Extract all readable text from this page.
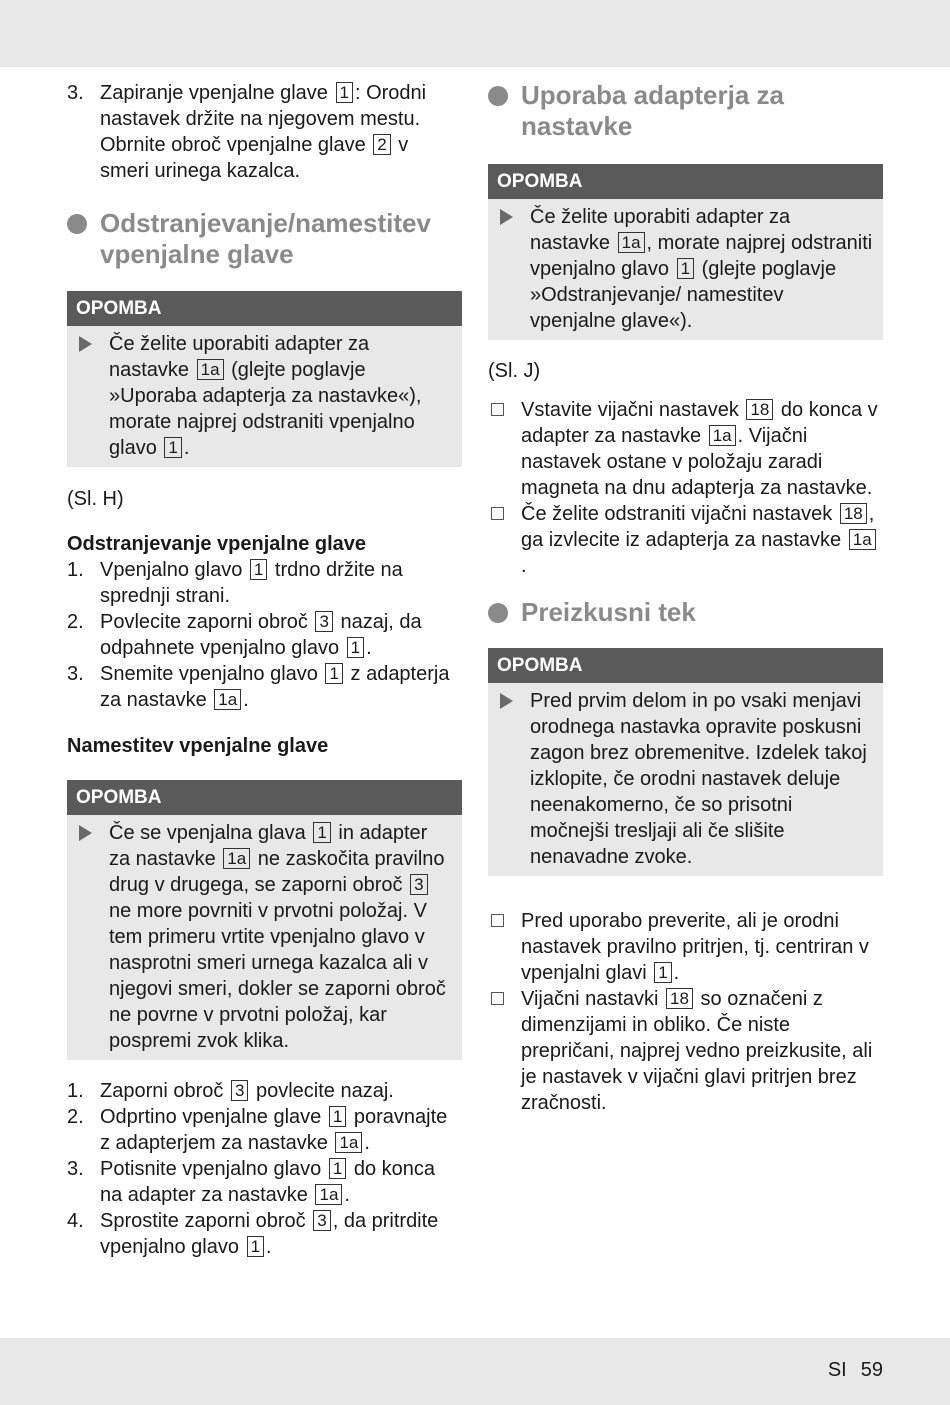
3. Zapiranje vpenjalne glave 1 : Orodni nastavek držite na njegovem mestu. Obrnite obroč vpenjalne glave 2 v smeri urinega kazalca.
Odstranjevanje/namestitev vpenjalne glave
OPOMBA
Če želite uporabiti adapter za nastavke 1a (glejte poglavje »Uporaba adapterja za nastavke«), morate najprej odstraniti vpenjalno glavo 1 .
(Sl. H)
Odstranjevanje vpenjalne glave
1. Vpenjalno glavo 1 trdno držite na sprednji strani.
2. Povlecite zaporni obroč 3 nazaj, da odpahnete vpenjalno glavo 1 .
3. Snemite vpenjalno glavo 1 z adapterja za nastavke 1a .
Namestitev vpenjalne glave
OPOMBA
Če se vpenjalna glava 1 in adapter za nastavke 1a ne zaskočita pravilno drug v drugega, se zaporni obroč 3 ne more povrniti v prvotni položaj. V tem primeru vrtite vpenjalno glavo v nasprotni smeri urnega kazalca ali v njegovi smeri, dokler se zaporni obroč ne povrne v prvotni položaj, kar pospremi zvok klika.
1. Zaporni obroč 3 povlecite nazaj.
2. Odprtino vpenjalne glave 1 poravnajte z adapterjem za nastavke 1a .
3. Potisnite vpenjalno glavo 1 do konca na adapter za nastavke 1a .
4. Sprostite zaporni obroč 3 , da pritrdite vpenjalno glavo 1 .
Uporaba adapterja za nastavke
OPOMBA
Če želite uporabiti adapter za nastavke 1a , morate najprej odstraniti vpenjalno glavo 1 (glejte poglavje »Odstranjevanje/ namestitev vpenjalne glave«).
(Sl. J)
Vstavite vijačni nastavek 18 do konca v adapter za nastavke 1a . Vijačni nastavek ostane v položaju zaradi magneta na dnu adapterja za nastavke.
Če želite odstraniti vijačni nastavek 18 , ga izvlecite iz adapterja za nastavke 1a.
Preizkusni tek
OPOMBA
Pred prvim delom in po vsaki menjavi orodnega nastavka opravite poskusni zagon brez obremenitve. Izdelek takoj izklopite, če orodni nastavek deluje neenakomerno, če so prisotni močnejši tresljaji ali če slišite nenavadne zvoke.
Pred uporabo preverite, ali je orodni nastavek pravilno pritrjen, tj. centriran v vpenjalni glavi 1 .
Vijačni nastavki 18 so označeni z dimenzijami in obliko. Če niste prepričani, najprej vedno preizkusite, ali je nastavek v vijačni glavi pritrjen brez zračnosti.
SI 59
